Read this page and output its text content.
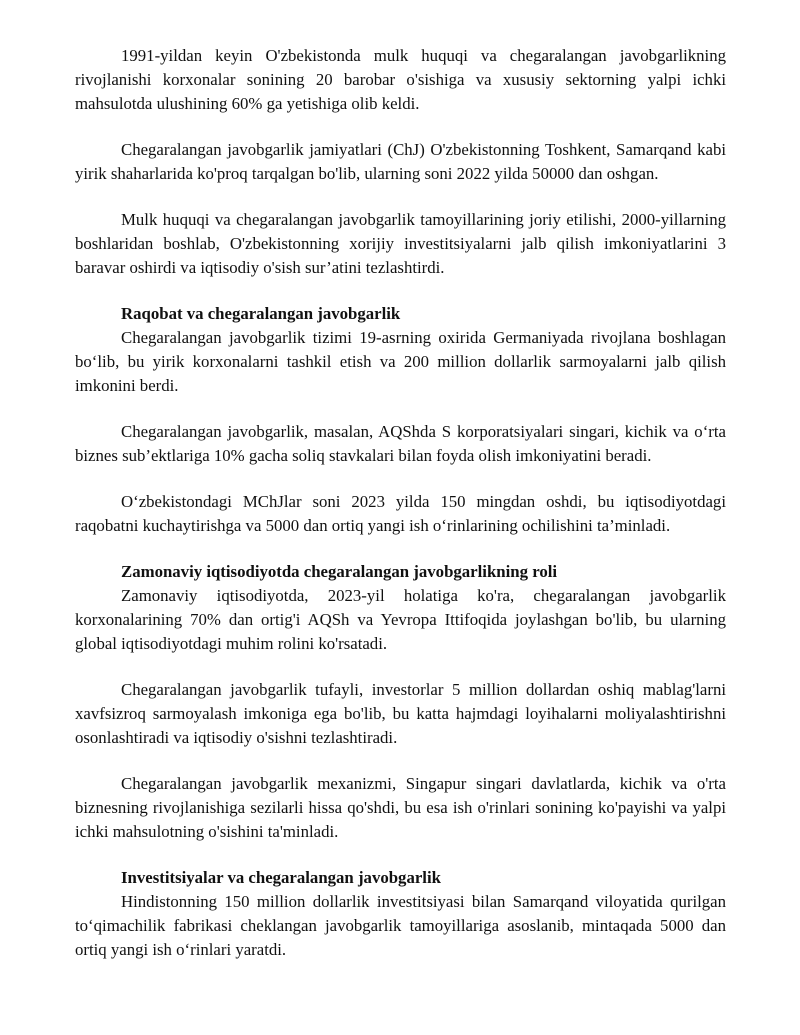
1991-yildan keyin O'zbekistonda mulk huquqi va chegaralangan javobgarlikning rivojlanishi korxonalar sonining 20 barobar o'sishiga va xususiy sektorning yalpi ichki mahsulotda ulushining 60% ga yetishiga olib keldi.

Chegaralangan javobgarlik jamiyatlari (ChJ) O'zbekistonning Toshkent, Samarqand kabi yirik shaharlarida ko'proq tarqalgan bo'lib, ularning soni 2022 yilda 50000 dan oshgan.

Mulk huquqi va chegaralangan javobgarlik tamoyillarining joriy etilishi, 2000-yillarning boshlaridan boshlab, O'zbekistonning xorijiy investitsiyalarni jalb qilish imkoniyatlarini 3 baravar oshirdi va iqtisodiy o'sish sur’atini tezlashtirdi.

Raqobat va chegaralangan javobgarlik

Chegaralangan javobgarlik tizimi 19-asrning oxirida Germaniyada rivojlana boshlagan bo‘lib, bu yirik korxonalarni tashkil etish va 200 million dollarlik sarmoyalarni jalb qilish imkonini berdi.

Chegaralangan javobgarlik, masalan, AQShda S korporatsiyalari singari, kichik va o‘rta biznes sub’ektlariga 10% gacha soliq stavkalari bilan foyda olish imkoniyatini beradi.

O‘zbekistondagi MChJlar soni 2023 yilda 150 mingdan oshdi, bu iqtisodiyotdagi raqobatni kuchaytirishga va 5000 dan ortiq yangi ish o‘rinlarining ochilishini ta’minladi.

Zamonaviy iqtisodiyotda chegaralangan javobgarlikning roli

Zamonaviy iqtisodiyotda, 2023-yil holatiga ko'ra, chegaralangan javobgarlik korxonalarining 70% dan ortig'i AQSh va Yevropa Ittifoqida joylashgan bo'lib, bu ularning global iqtisodiyotdagi muhim rolini ko'rsatadi.

Chegaralangan javobgarlik tufayli, investorlar 5 million dollardan oshiq mablag'larni xavfsizroq sarmoyalash imkoniga ega bo'lib, bu katta hajmdagi loyihalarni moliyalashtirishni osonlashtiradi va iqtisodiy o'sishni tezlashtiradi.

Chegaralangan javobgarlik mexanizmi, Singapur singari davlatlarda, kichik va o'rta biznesning rivojlanishiga sezilarli hissa qo'shdi, bu esa ish o'rinlari sonining ko'payishi va yalpi ichki mahsulotning o'sishini ta'minladi.

Investitsiyalar va chegaralangan javobgarlik

Hindistonning 150 million dollarlik investitsiyasi bilan Samarqand viloyatida qurilgan to‘qimachilik fabrikasi cheklangan javobgarlik tamoyillariga asoslanib, mintaqada 5000 dan ortiq yangi ish o‘rinlari yaratdi.
